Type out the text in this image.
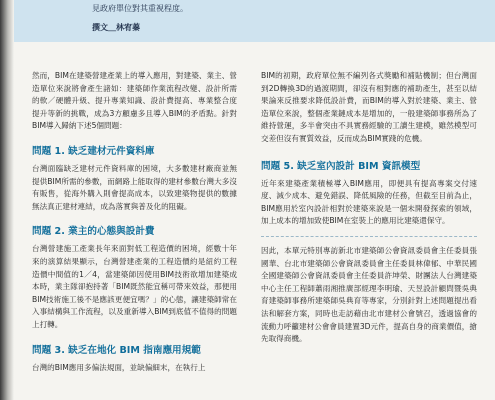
見政府單位對其重視程度。
撰文＿林宥蓁
然而，BIM在建築營建產業上的導入應用，對建築、業主、營造單位來說將會產生諸如：建築師作業流程改變、設計所需的軟／硬體升級、提升專業知識、設計費提高、專業整合度提升等新的挑戰，成為3方顧慮多且導入BIM的矛盾點。針對BIM導入歸納下述5個問題：
問題 1. 缺乏建材元件資料庫
台灣面臨缺乏建材元件資料庫的困境，大多數建材廠商並無提供BIM所需的參數，而網路上能取得的建材參數台灣大多沒有販售，從海外購入則會提高成本，以致建築物提供的數據無法真正建材連結，成為落實與普及化的阻礙。
問題 2. 業主的心態與設計費
台灣營建施工產業長年來面對低工程造價的困境，經數十年來的演算結果顯示，台灣營建產業的工程造價約是紐約工程造價中間值的1／4，當建築師因使用BIM技術欲增加建築成本時，業主隊卻抱持著「BIM既然能宜稱可帶來效益，那便用BIM技術施工後不是應該更便宜嗎？」的心態，讓建築師常在入事結構與工作流程，以及重新導入BIM到底值不值得的問題上打轉。
問題 3. 缺乏在地化 BIM 指南應用規範
台灣的BIM應用多偏法規面，並缺偏細末，在執行上
BIM的初期，政府單位無不編列各式獎勵和補貼機制；但台灣面到2D轉換3D的過渡期間，卻沒有相對應的補助產生，甚至以結果論來反推要求降低設計費，而BIM的導入對於建築、業主、營造單位來說，整個產業鏈成本是增加的，一般建築師事務所為了維持營運，多半會突由不具實務經驗的工讀生建模，雖然模型可交差但沒有實質效益，反而成為BIM實踐的危機。
問題 5. 缺乏室內設計 BIM 資訊模型
近年來建築產業積極導入BIM應用，即便具有提高專案交付速度、減少成本、避免錯誤、降低風險的任務，但截至目前為止，BIM應用於室內設計相對於建築來說是一個未開發探索的領域，加上成本的增加致使BIM在室裝上的應用比建築還保守。
因此，本單元特別專訪新北市建築師公會資訊委員會主任委員張國華、台北市建築師公會資訊委員會主任委員林偉郁、中華民國全國建築師公會資訊委員會主任委員許坤榮、財團法人台灣建築中心主任工程師蕭雨湘推廣部經理李明瑜、天昱設計顧問暨吳典育建築師事務所建築師吳典育等專家，分別針對上述問題提出看法和解套方案，同時也走訪藉由北市建材公會號召，透過協會的流動力呼籲建材公會會員建置3D元件，提高自身的商業價值，搶先取得商機。
